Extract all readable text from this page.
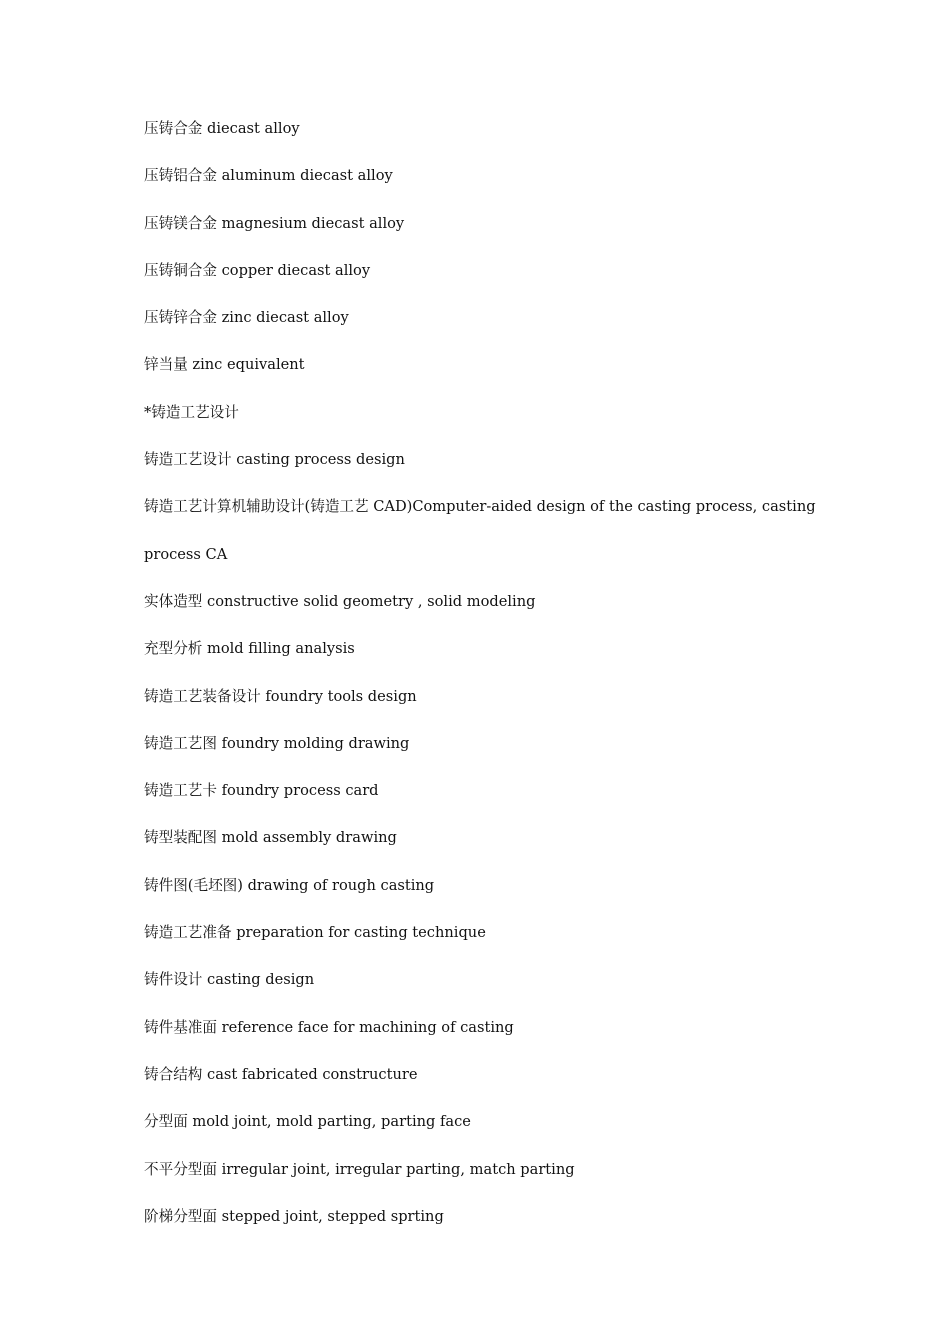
压铸合金 diecast alloy
压铸铝合金 aluminum diecast alloy
压铸镁合金 magnesium diecast alloy
压铸铜合金 copper diecast alloy
压铸锌合金 zinc diecast alloy
锌当量 zinc equivalent
*铸造工艺设计
铸造工艺设计 casting process design
铸造工艺计算机辅助设计(铸造工艺 CAD)Computer-aided design of the casting process, casting
process CA
实体造型 constructive solid geometry , solid modeling
充型分析 mold filling analysis
铸造工艺装备设计 foundry tools design
铸造工艺图 foundry molding drawing
铸造工艺卡 foundry process card
铸型装配图 mold assembly drawing
铸件图(毛坯图) drawing of rough casting
铸造工艺准备 preparation for casting technique
铸件设计 casting design
铸件基准面 reference face for machining of casting
铸合结构 cast fabricated constructure
分型面 mold joint, mold parting, parting face
不平分型面 irregular joint, irregular parting, match parting
阶梯分型面 stepped joint, stepped sprting
